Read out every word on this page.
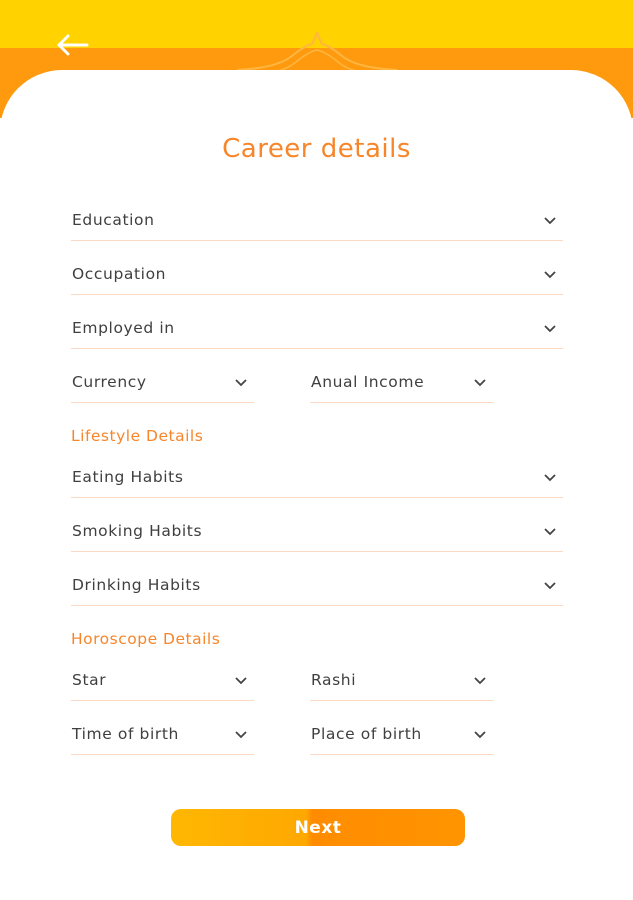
Career details
Education
Occupation
Employed in
Currency	Anual Income
Lifestyle Details
Eating Habits
Smoking Habits
Drinking Habits
Horoscope Details
Star	Rashi
Time of birth	Place of birth
Next
